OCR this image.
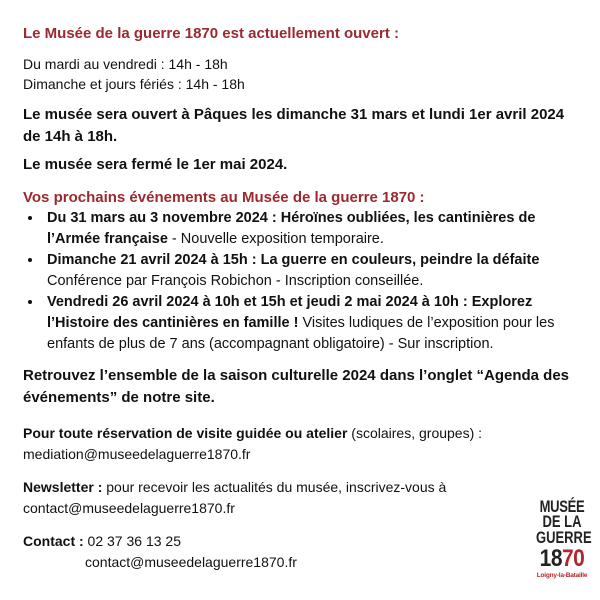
Le Musée de la guerre 1870 est actuellement ouvert :

Du mardi au vendredi : 14h - 18h

Dimanche et jours fériés : 14h - 18h

Le musée sera ouvert à Pâques les dimanche 31 mars et lundi 1er avril 2024 de 14h à 18h.

Le musée sera fermé le 1er mai 2024.

Vos prochains événements au Musée de la guerre 1870 :

• Du 31 mars au 3 novembre 2024 : Héroïnes oubliées, les cantinières de l’Armée française - Nouvelle exposition temporaire.
• Dimanche 21 avril 2024 à 15h : La guerre en couleurs, peindre la défaite Conférence par François Robichon - Inscription conseillée.
• Vendredi 26 avril 2024 à 10h et 15h et jeudi 2 mai 2024 à 10h : Explorez l’Histoire des cantinières en famille ! Visites ludiques de l’exposition pour les enfants de plus de 7 ans (accompagnant obligatoire) - Sur inscription.

Retrouvez l’ensemble de la saison culturelle 2024 dans l’onglet “Agenda des événements” de notre site.

Pour toute réservation de visite guidée ou atelier (scolaires, groupes) : mediation@museedelaguerre1870.fr

Newsletter : pour recevoir les actualités du musée, inscrivez-vous à contact@museedelaguerre1870.fr

Contact : 02 37 36 13 25

contact@museedelaguerre1870.fr

MUSÉE
DE LA
GUERRE
1870
Loigny-la-Bataille
